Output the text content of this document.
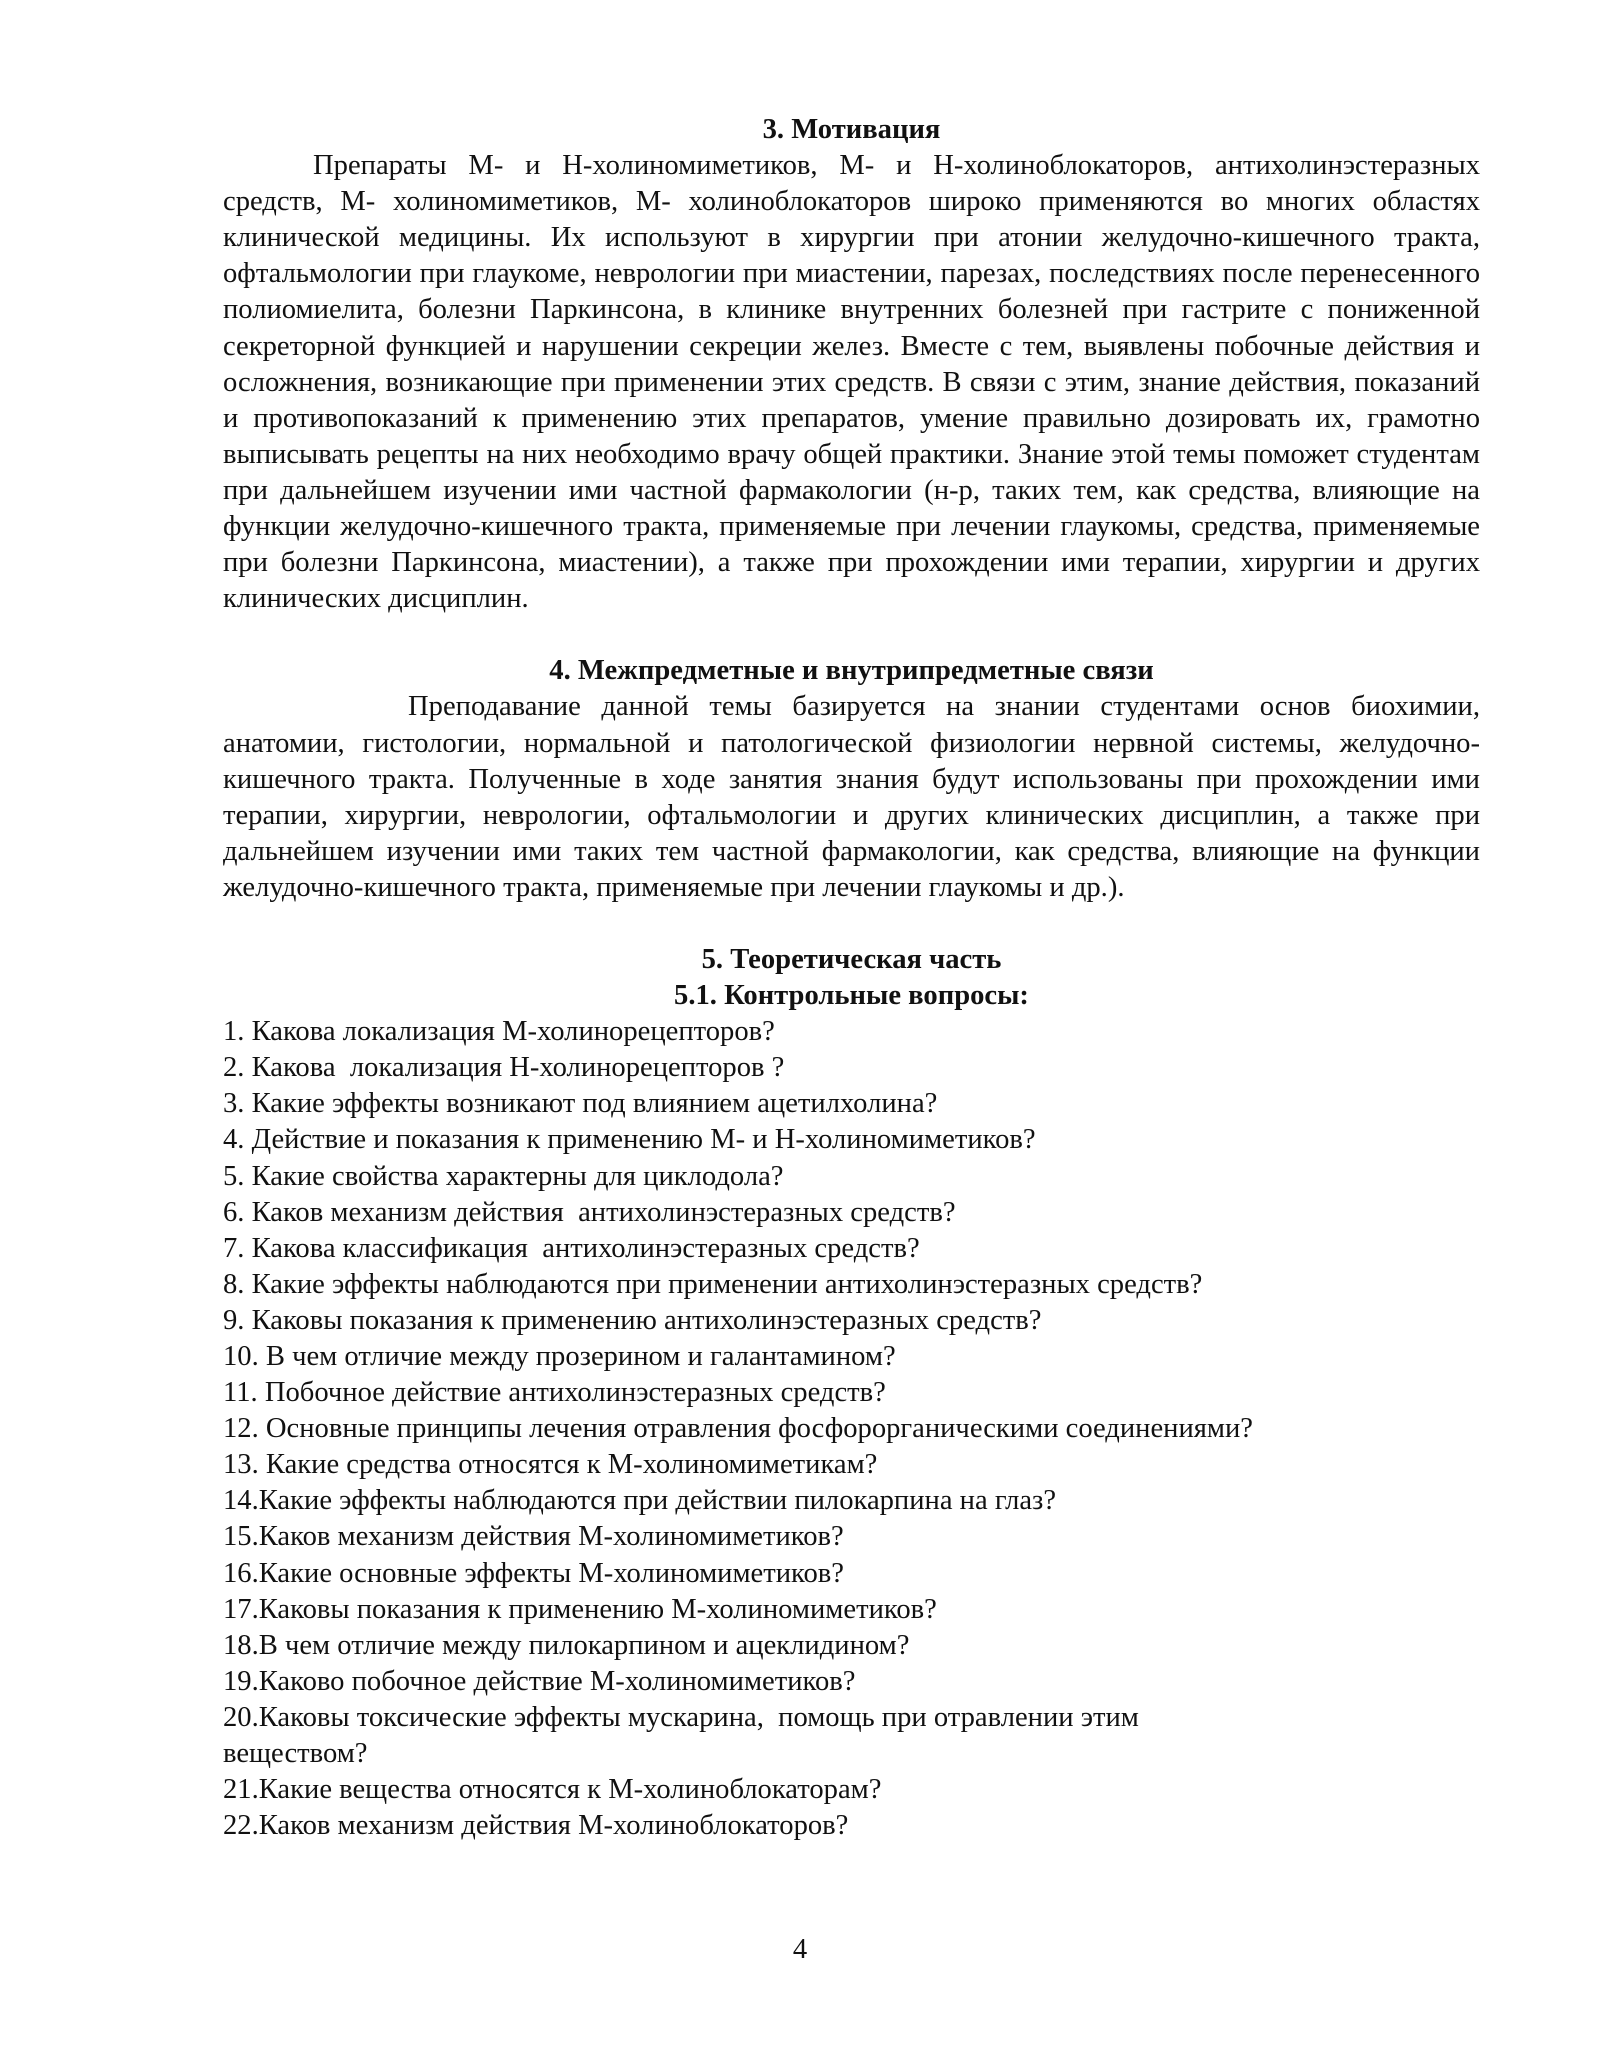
3. Мотивация

Препараты М- и Н-холиномиметиков, М- и Н-холиноблокаторов, антихолинэстеразных средств, М- холиномиметиков, М- холиноблокаторов широко применяются во многих областях клинической медицины. Их используют в хирургии при атонии желудочно-кишечного тракта, офтальмологии при глаукоме, неврологии при миастении, парезах, последствиях после перенесенного полиомиелита, болезни Паркинсона, в клинике внутренних болезней при гастрите с пониженной секреторной функцией и нарушении секреции желез. Вместе с тем, выявлены побочные действия и осложнения, возникающие при применении этих средств. В связи с этим, знание действия, показаний и противопоказаний к применению этих препаратов, умение правильно дозировать их, грамотно выписывать рецепты на них необходимо врачу общей практики. Знание этой темы поможет студентам при дальнейшем изучении ими частной фармакологии (н-р, таких тем, как средства, влияющие на функции желудочно-кишечного тракта, применяемые при лечении глаукомы, средства, применяемые при болезни Паркинсона, миастении), а также при прохождении ими терапии, хирургии и других клинических дисциплин.

4. Межпредметные и внутрипредметные связи

Преподавание данной темы базируется на знании студентами основ биохимии, анатомии, гистологии, нормальной и патологической физиологии нервной системы, желудочно-кишечного тракта. Полученные в ходе занятия знания будут использованы при прохождении ими терапии, хирургии, неврологии, офтальмологии и других клинических дисциплин, а также при дальнейшем изучении ими таких тем частной фармакологии, как средства, влияющие на функции желудочно-кишечного тракта, применяемые при лечении глаукомы и др.).

5. Теоретическая часть

5.1. Контрольные вопросы:

1. Какова локализация М-холинорецепторов?
2. Какова  локализация Н-холинорецепторов ?
3. Какие эффекты возникают под влиянием ацетилхолина?
4. Действие и показания к применению М- и Н-холиномиметиков?
5. Какие свойства характерны для циклодола?
6. Каков механизм действия  антихолинэстеразных средств?
7. Какова классификация  антихолинэстеразных средств?
8. Какие эффекты наблюдаются при применении антихолинэстеразных средств?
9. Каковы показания к применению антихолинэстеразных средств?
10. В чем отличие между прозерином и галантамином?
11. Побочное действие антихолинэстеразных средств?
12. Основные принципы лечения отравления фосфорорганическими соединениями?
13. Какие средства относятся к М-холиномиметикам?
14.Какие эффекты наблюдаются при действии пилокарпина на глаз?
15.Каков механизм действия М-холиномиметиков?
16.Какие основные эффекты М-холиномиметиков?
17.Каковы показания к применению М-холиномиметиков?
18.В чем отличие между пилокарпином и ацеклидином?
19.Каково побочное действие М-холиномиметиков?
20.Каковы токсические эффекты мускарина,  помощь при отравлении этим веществом?
21.Какие вещества относятся к М-холиноблокаторам?
22.Каков механизм действия М-холиноблокаторов?
4
